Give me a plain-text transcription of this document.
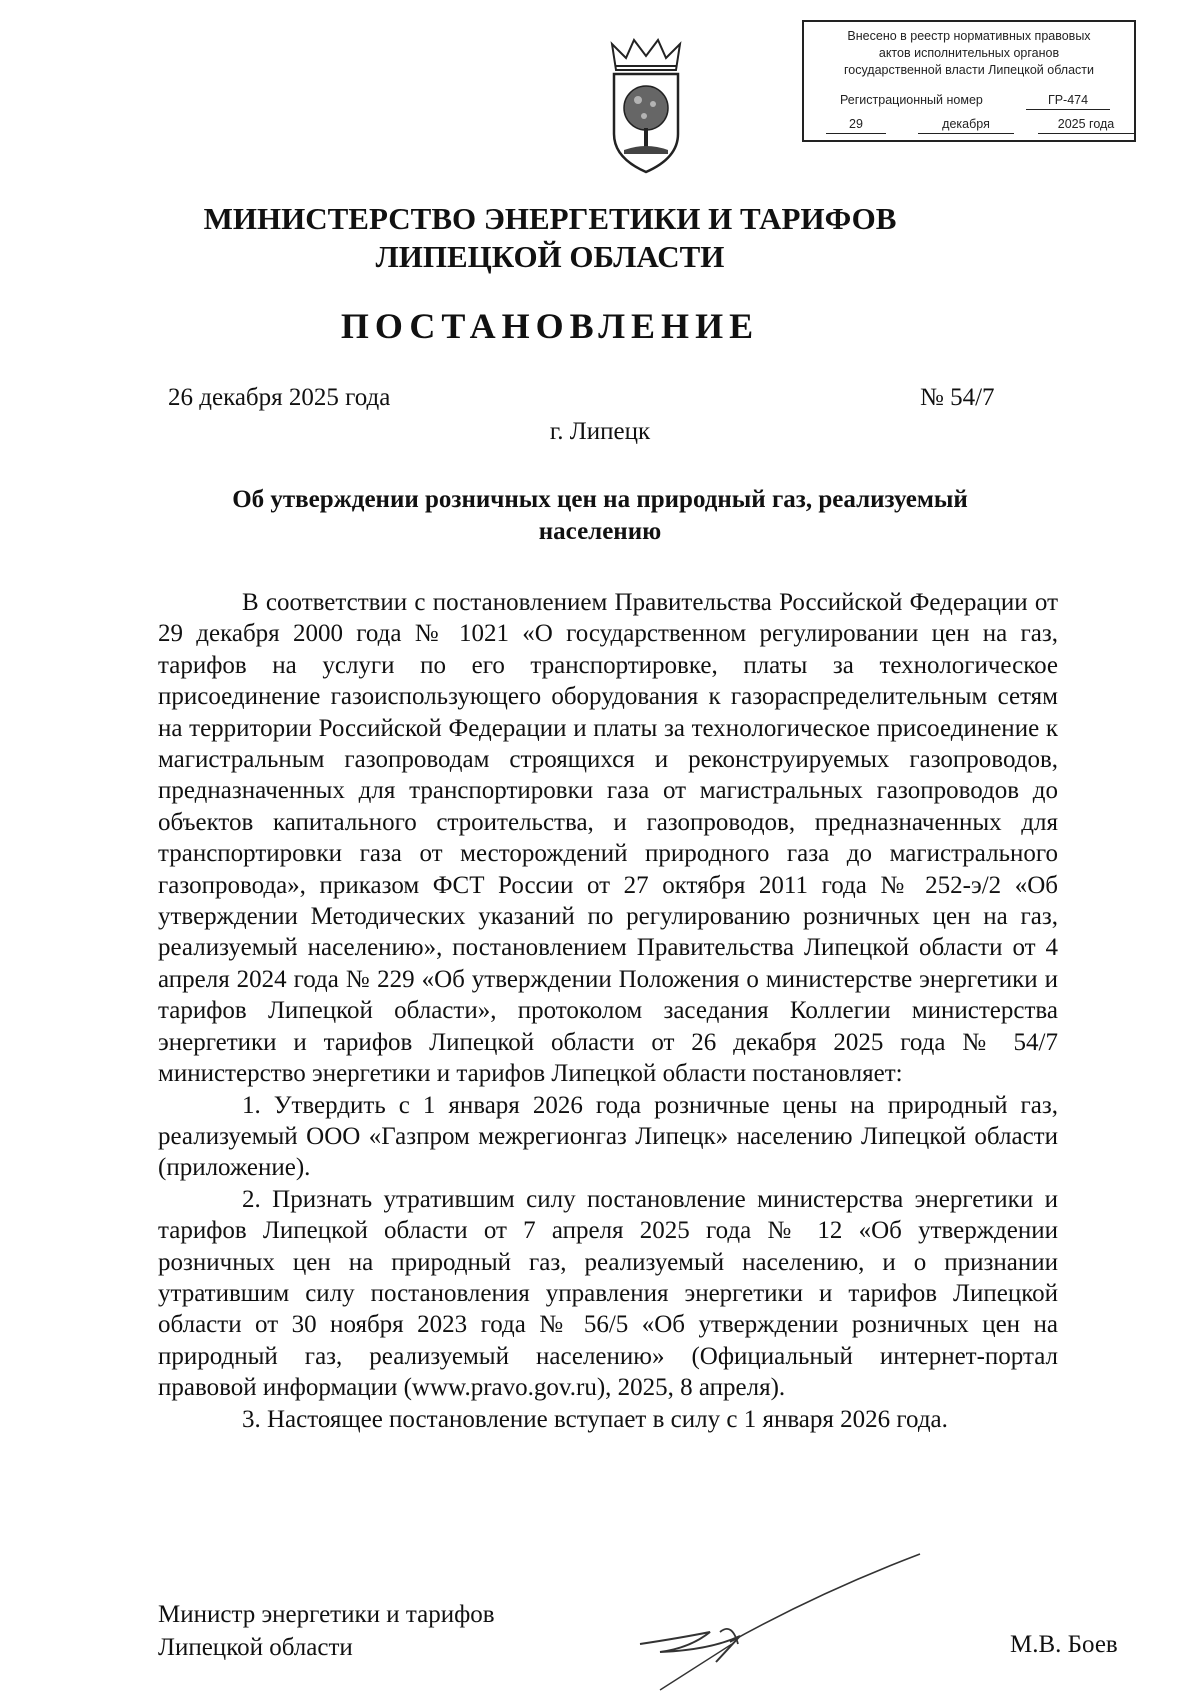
Внесено в реестр нормативных правовых
актов исполнительных органов
государственной власти Липецкой области
Регистрационный номер	ГР-474
29	декабря	2025 года
МИНИСТЕРСТВО ЭНЕРГЕТИКИ И ТАРИФОВ
ЛИПЕЦКОЙ ОБЛАСТИ
ПОСТАНОВЛЕНИЕ
26 декабря 2025 года	№ 54/7
г. Липецк
Об утверждении розничных цен на природный газ, реализуемый
населению

В соответствии с постановлением Правительства Российской Федерации от 29 декабря 2000 года № 1021 «О государственном регулировании цен на газ, тарифов на услуги по его транспортировке, платы за технологическое присоединение газоиспользующего оборудования к газораспределительным сетям на территории Российской Федерации и платы за технологическое присоединение к магистральным газопроводам строящихся и реконструируемых газопроводов, предназначенных для транспортировки газа от магистральных газопроводов до объектов капитального строительства, и газопроводов, предназначенных для транспортировки газа от месторождений природного газа до магистрального газопровода», приказом ФСТ России от 27 октября 2011 года № 252-э/2 «Об утверждении Методических указаний по регулированию розничных цен на газ, реализуемый населению», постановлением Правительства Липецкой области от 4 апреля 2024 года № 229 «Об утверждении Положения о министерстве энергетики и тарифов Липецкой области», протоколом заседания Коллегии министерства энергетики и тарифов Липецкой области от 26 декабря 2025 года № 54/7 министерство энергетики и тарифов Липецкой области постановляет:

1. Утвердить с 1 января 2026 года розничные цены на природный газ, реализуемый ООО «Газпром межрегионгаз Липецк» населению Липецкой области (приложение).

2. Признать утратившим силу постановление министерства энергетики и тарифов Липецкой области от 7 апреля 2025 года № 12 «Об утверждении розничных цен на природный газ, реализуемый населению, и о признании утратившим силу постановления управления энергетики и тарифов Липецкой области от 30 ноября 2023 года № 56/5 «Об утверждении розничных цен на природный газ, реализуемый населению» (Официальный интернет-портал правовой информации (www.pravo.gov.ru), 2025, 8 апреля).

3. Настоящее постановление вступает в силу с 1 января 2026 года.

Министр энергетики и тарифов
Липецкой области	М.В. Боев
